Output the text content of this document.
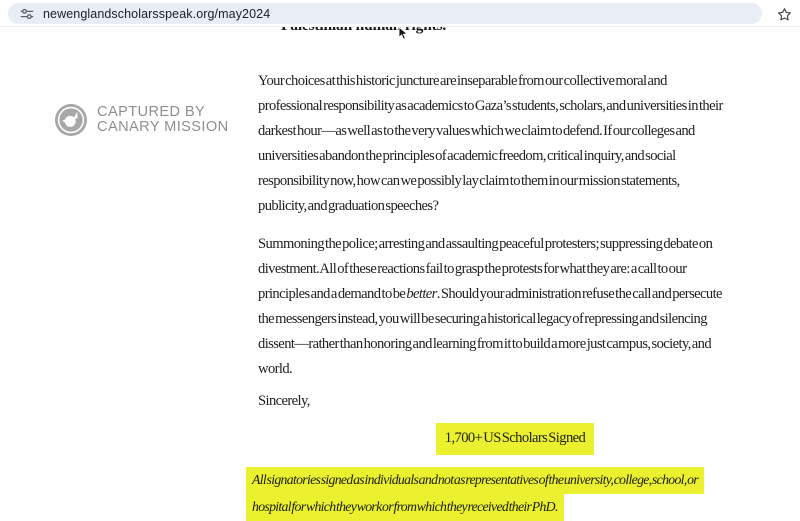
newenglandscholarsspeak.org/may2024
CAPTURED BY
CANARY MISSION
Your choices at this historic juncture are inseparable from our collective moral and
professional responsibility as academics to Gaza’s students, scholars, and universities in their
darkest hour—as well as to the very values which we claim to defend. If our colleges and
universities abandon the principles of academic freedom, critical inquiry, and social
responsibility now, how can we possibly lay claim to them in our mission statements,
publicity, and graduation speeches?
Summoning the police; arresting and assaulting peaceful protesters; suppressing debate on
divestment. All of these reactions fail to grasp the protests for what they are: a call to our
principles and a demand to be better. Should your administration refuse the call and persecute
the messengers instead, you will be securing a historical legacy of repressing and silencing
dissent—rather than honoring and learning from it to build a more just campus, society, and
world.
Sincerely,
1,700+ US Scholars Signed
All signatories signed as individuals and not as representatives of the university, college, school, or
hospital for which they work or from which they received their PhD.
